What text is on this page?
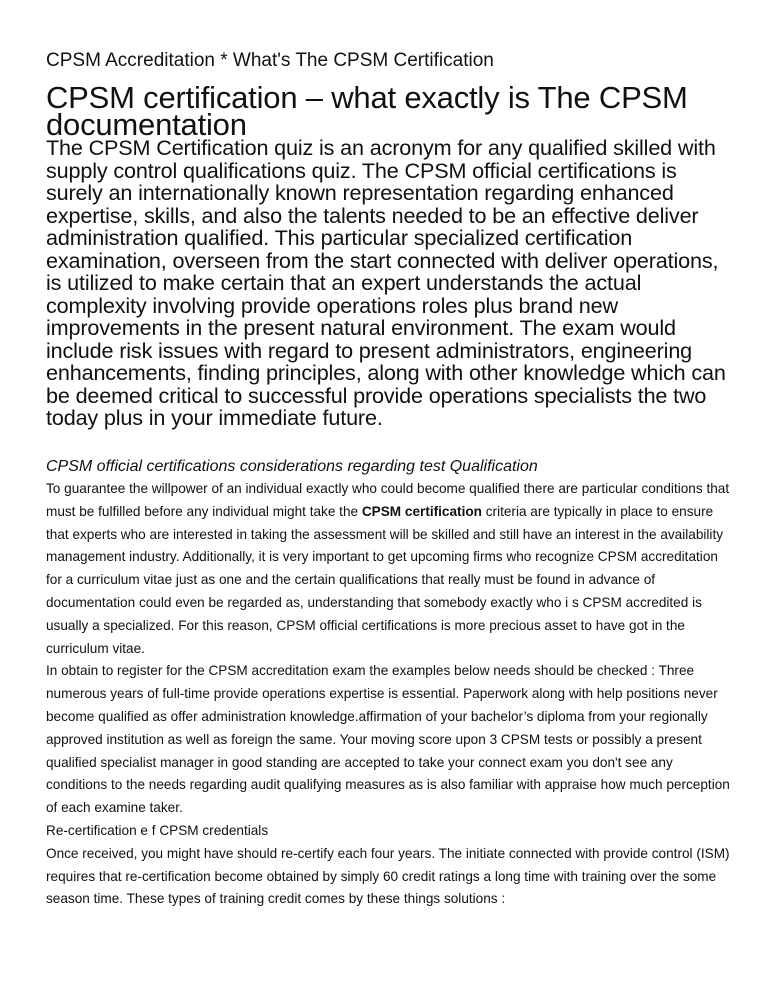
CPSM Accreditation * What's The CPSM Certification
CPSM certification – what exactly is The CPSM documentation
The CPSM Certification quiz is an acronym for any qualified skilled with supply control qualifications quiz. The CPSM official certifications is surely an internationally known representation regarding enhanced expertise, skills, and also the talents needed to be an effective deliver administration qualified. This particular specialized certification examination, overseen from the start connected with deliver operations, is utilized to make certain that an expert understands the actual complexity involving provide operations roles plus brand new improvements in the present natural environment. The exam would include risk issues with regard to present administrators, engineering enhancements, finding principles, along with other knowledge which can be deemed critical to successful provide operations specialists the two today plus in your immediate future.
CPSM official certifications considerations regarding test Qualification

To guarantee the willpower of an individual exactly who could become qualified there are particular conditions that must be fulfilled before any individual might take the CPSM certification criteria are typically in place to ensure that experts who are interested in taking the assessment will be skilled and still have an interest in the availability management industry. Additionally, it is very important to get upcoming firms who recognize CPSM accreditation for a curriculum vitae just as one and the certain qualifications that really must be found in advance of documentation could even be regarded as, understanding that somebody exactly who i s CPSM accredited is usually a specialized. For this reason, CPSM official certifications is more precious asset to have got in the curriculum vitae.

In obtain to register for the CPSM accreditation exam the examples below needs should be checked : Three numerous years of full-time provide operations expertise is essential. Paperwork along with help positions never become qualified as offer administration knowledge.affirmation of your bachelor’s diploma from your regionally approved institution as well as foreign the same. Your moving score upon 3 CPSM tests or possibly a present qualified specialist manager in good standing are accepted to take your connect exam you don't see any conditions to the needs regarding audit qualifying measures as is also familiar with appraise how much perception of each examine taker.

Re-certification e f CPSM credentials

Once received, you might have should re-certify each four years. The initiate connected with provide control (ISM) requires that re-certification become obtained by simply 60 credit ratings a long time with training over the some season time. These types of training credit comes by these things solutions :
